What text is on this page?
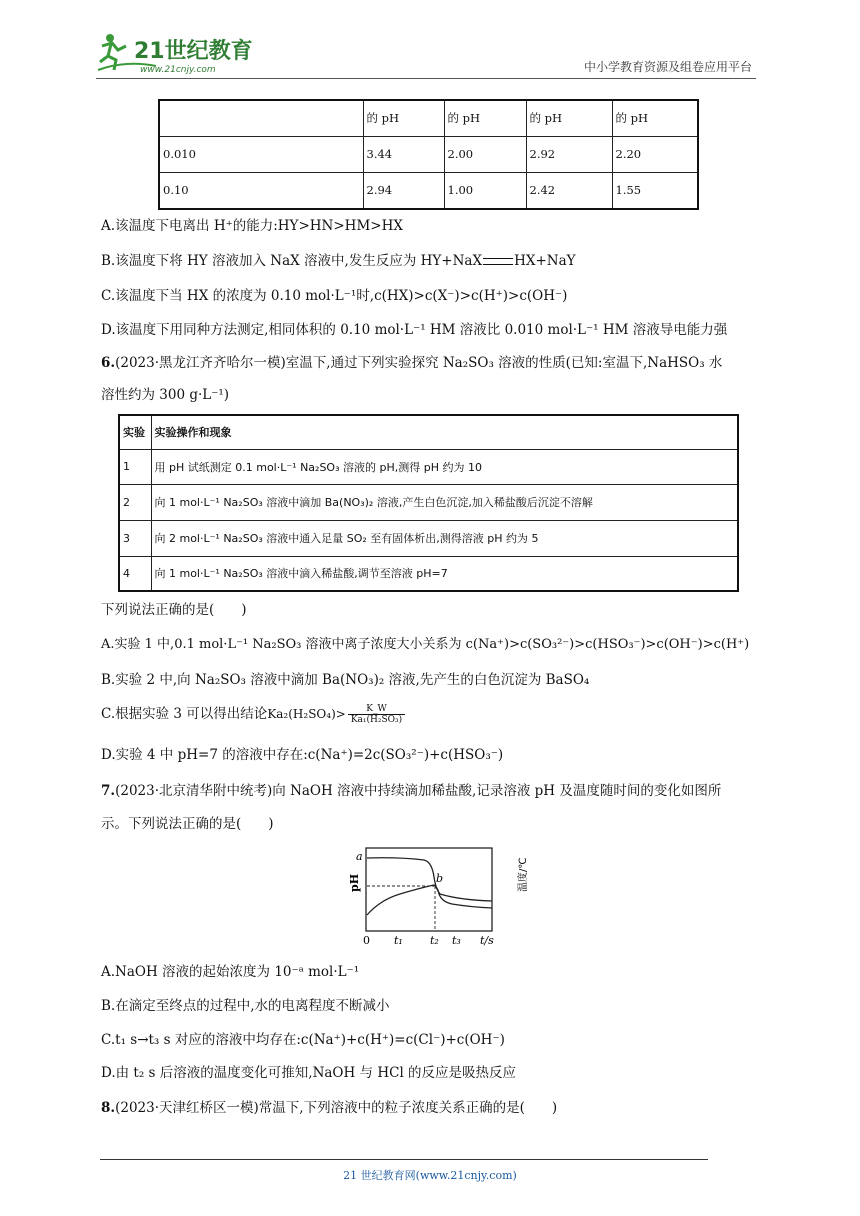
21世纪教育
www.21cnjy.com	中小学教育资源及组卷应用平台
	的 pH	的 pH	的 pH	的 pH
0.010	3.44	2.00	2.92	2.20
0.10	2.94	1.00	2.42	1.55
A.该温度下电离出 H⁺的能力:HY>HN>HM>HX
B.该温度下将 HY 溶液加入 NaX 溶液中,发生反应为 HY+NaX HX+NaY
C.该温度下当 HX 的浓度为 0.10 mol·L⁻¹时,c(HX)>c(X⁻)>c(H⁺)>c(OH⁻)
D.该温度下用同种方法测定,相同体积的 0.10 mol·L⁻¹ HM 溶液比 0.010 mol·L⁻¹ HM 溶液导电能力强
6.(2023·黑龙江齐齐哈尔一模)室温下,通过下列实验探究 Na₂SO₃ 溶液的性质(已知:室温下,NaHSO₃ 水
溶性约为 300 g·L⁻¹)
实验	实验操作和现象
1	用 pH 试纸测定 0.1 mol·L⁻¹ Na₂SO₃ 溶液的 pH,测得 pH 约为 10
2	向 1 mol·L⁻¹ Na₂SO₃ 溶液中滴加 Ba(NO₃)₂ 溶液,产生白色沉淀,加入稀盐酸后沉淀不溶解
3	向 2 mol·L⁻¹ Na₂SO₃ 溶液中通入足量 SO₂ 至有固体析出,测得溶液 pH 约为 5
4	向 1 mol·L⁻¹ Na₂SO₃ 溶液中滴入稀盐酸,调节至溶液 pH=7
下列说法正确的是(　　)
A.实验 1 中,0.1 mol·L⁻¹ Na₂SO₃ 溶液中离子浓度大小关系为 c(Na⁺)>c(SO₃²⁻)>c(HSO₃⁻)>c(OH⁻)>c(H⁺)
B.实验 2 中,向 Na₂SO₃ 溶液中滴加 Ba(NO₃)₂ 溶液,先产生的白色沉淀为 BaSO₄
C.根据实验 3 可以得出结论$Ka_2(H_2SO_4)> \frac{K\_W}{\text{Ka₁(H₂SO₃)}}$
D.实验 4 中 pH=7 的溶液中存在:c(Na⁺)=2c(SO₃²⁻)+c(HSO₃⁻)
7.(2023·北京清华附中统考)向 NaOH 溶液中持续滴加稀盐酸,记录溶液 pH 及温度随时间的变化如图所
示。下列说法正确的是(　　)
a
b
pH	温度/℃
0 t₁ t₂ t₃ t/s
A.NaOH 溶液的起始浓度为 10⁻ᵃ mol·L⁻¹
B.在滴定至终点的过程中,水的电离程度不断减小
C.t₁ s→t₃ s 对应的溶液中均存在:c(Na⁺)+c(H⁺)=c(Cl⁻)+c(OH⁻)
D.由 t₂ s 后溶液的温度变化可推知,NaOH 与 HCl 的反应是吸热反应
8.(2023·天津红桥区一模)常温下,下列溶液中的粒子浓度关系正确的是(　　)
21 世纪教育网(www.21cnjy.com)
